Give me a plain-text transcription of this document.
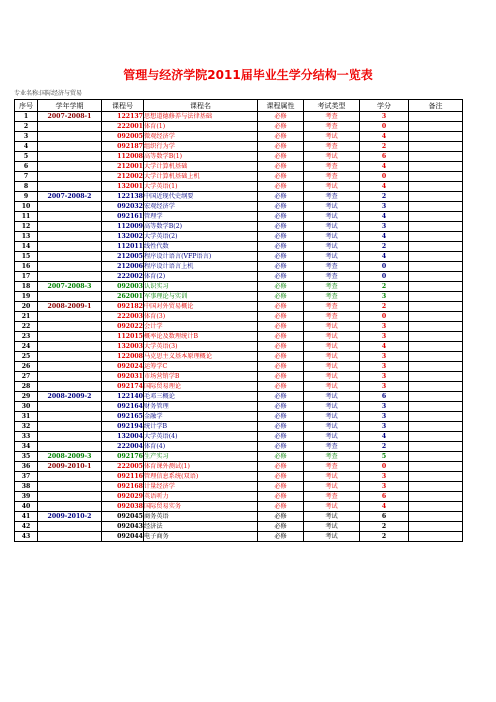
管理与经济学院2011届毕业生学分结构一览表
专业名称:国际经济与贸易
序号	学年学期	课程号	课程名	课程属性	考试类型	学分	备注
1	2007-2008-1	122137	思想道德修养与法律基础	必修	考查	3	
2		222001	体育(1)	必修	考查	0	
3		092005	微观经济学	必修	考试	4	
4		092187	组织行为学	必修	考查	2	
5		112008	高等数学B(1)	必修	考试	6	
6		212001	大学计算机基础	必修	考查	4	
7		212002	大学计算机基础上机	必修	考查	0	
8		132001	大学英语(1)	必修	考试	4	
9	2007-2008-2	122138	中国近现代史纲要	必修	考查	2	
10		092032	宏观经济学	必修	考试	3	
11		092161	管理学	必修	考试	4	
12		112009	高等数学B(2)	必修	考试	3	
13		132002	大学英语(2)	必修	考试	4	
14		112011	线性代数	必修	考试	2	
15		212005	程序设计语言(VFP语言)	必修	考试	4	
16		212006	程序设计语言上机	必修	考查	0	
17		222002	体育(2)	必修	考查	0	
18	2007-2008-3	092003	认识实习	必修	考查	2	
19		262001	军事理论与实训	必修	考查	3	
20	2008-2009-1	092182	中国对外贸易概论	必修	考查	2	
21		222003	体育(3)	必修	考查	0	
22		092022	会计学	必修	考试	3	
23		112015	概率论及数理统计B	必修	考试	3	
24		132003	大学英语(3)	必修	考试	4	
25		122008	马克思主义基本原理概论	必修	考试	3	
26		092024	运筹学C	必修	考试	3	
27		092031	市场营销学B	必修	考试	3	
28		092174	国际贸易理论	必修	考试	3	
29	2008-2009-2	122140	毛邓三概论	必修	考试	6	
30		092164	财务管理	必修	考试	3	
31		092165	金融学	必修	考试	3	
32		092194	统计学B	必修	考试	3	
33		132004	大学英语(4)	必修	考试	4	
34		222004	体育(4)	必修	考查	2	
35	2008-2009-3	092176	生产实习	必修	考查	5	
36	2009-2010-1	222005	体育课外测试(1)	必修	考查	0	
37		092116	管理信息系统(双语)	必修	考试	3	
38		092168	计量经济学	必修	考试	3	
39		092029	英语听力	必修	考查	6	
40		092038	国际贸易实务	必修	考试	4	
41	2009-2010-2	092045	商务英语	必修	考试	6	
42		092043	经济法	必修	考试	2	
43		092044	电子商务	必修	考试	2	
